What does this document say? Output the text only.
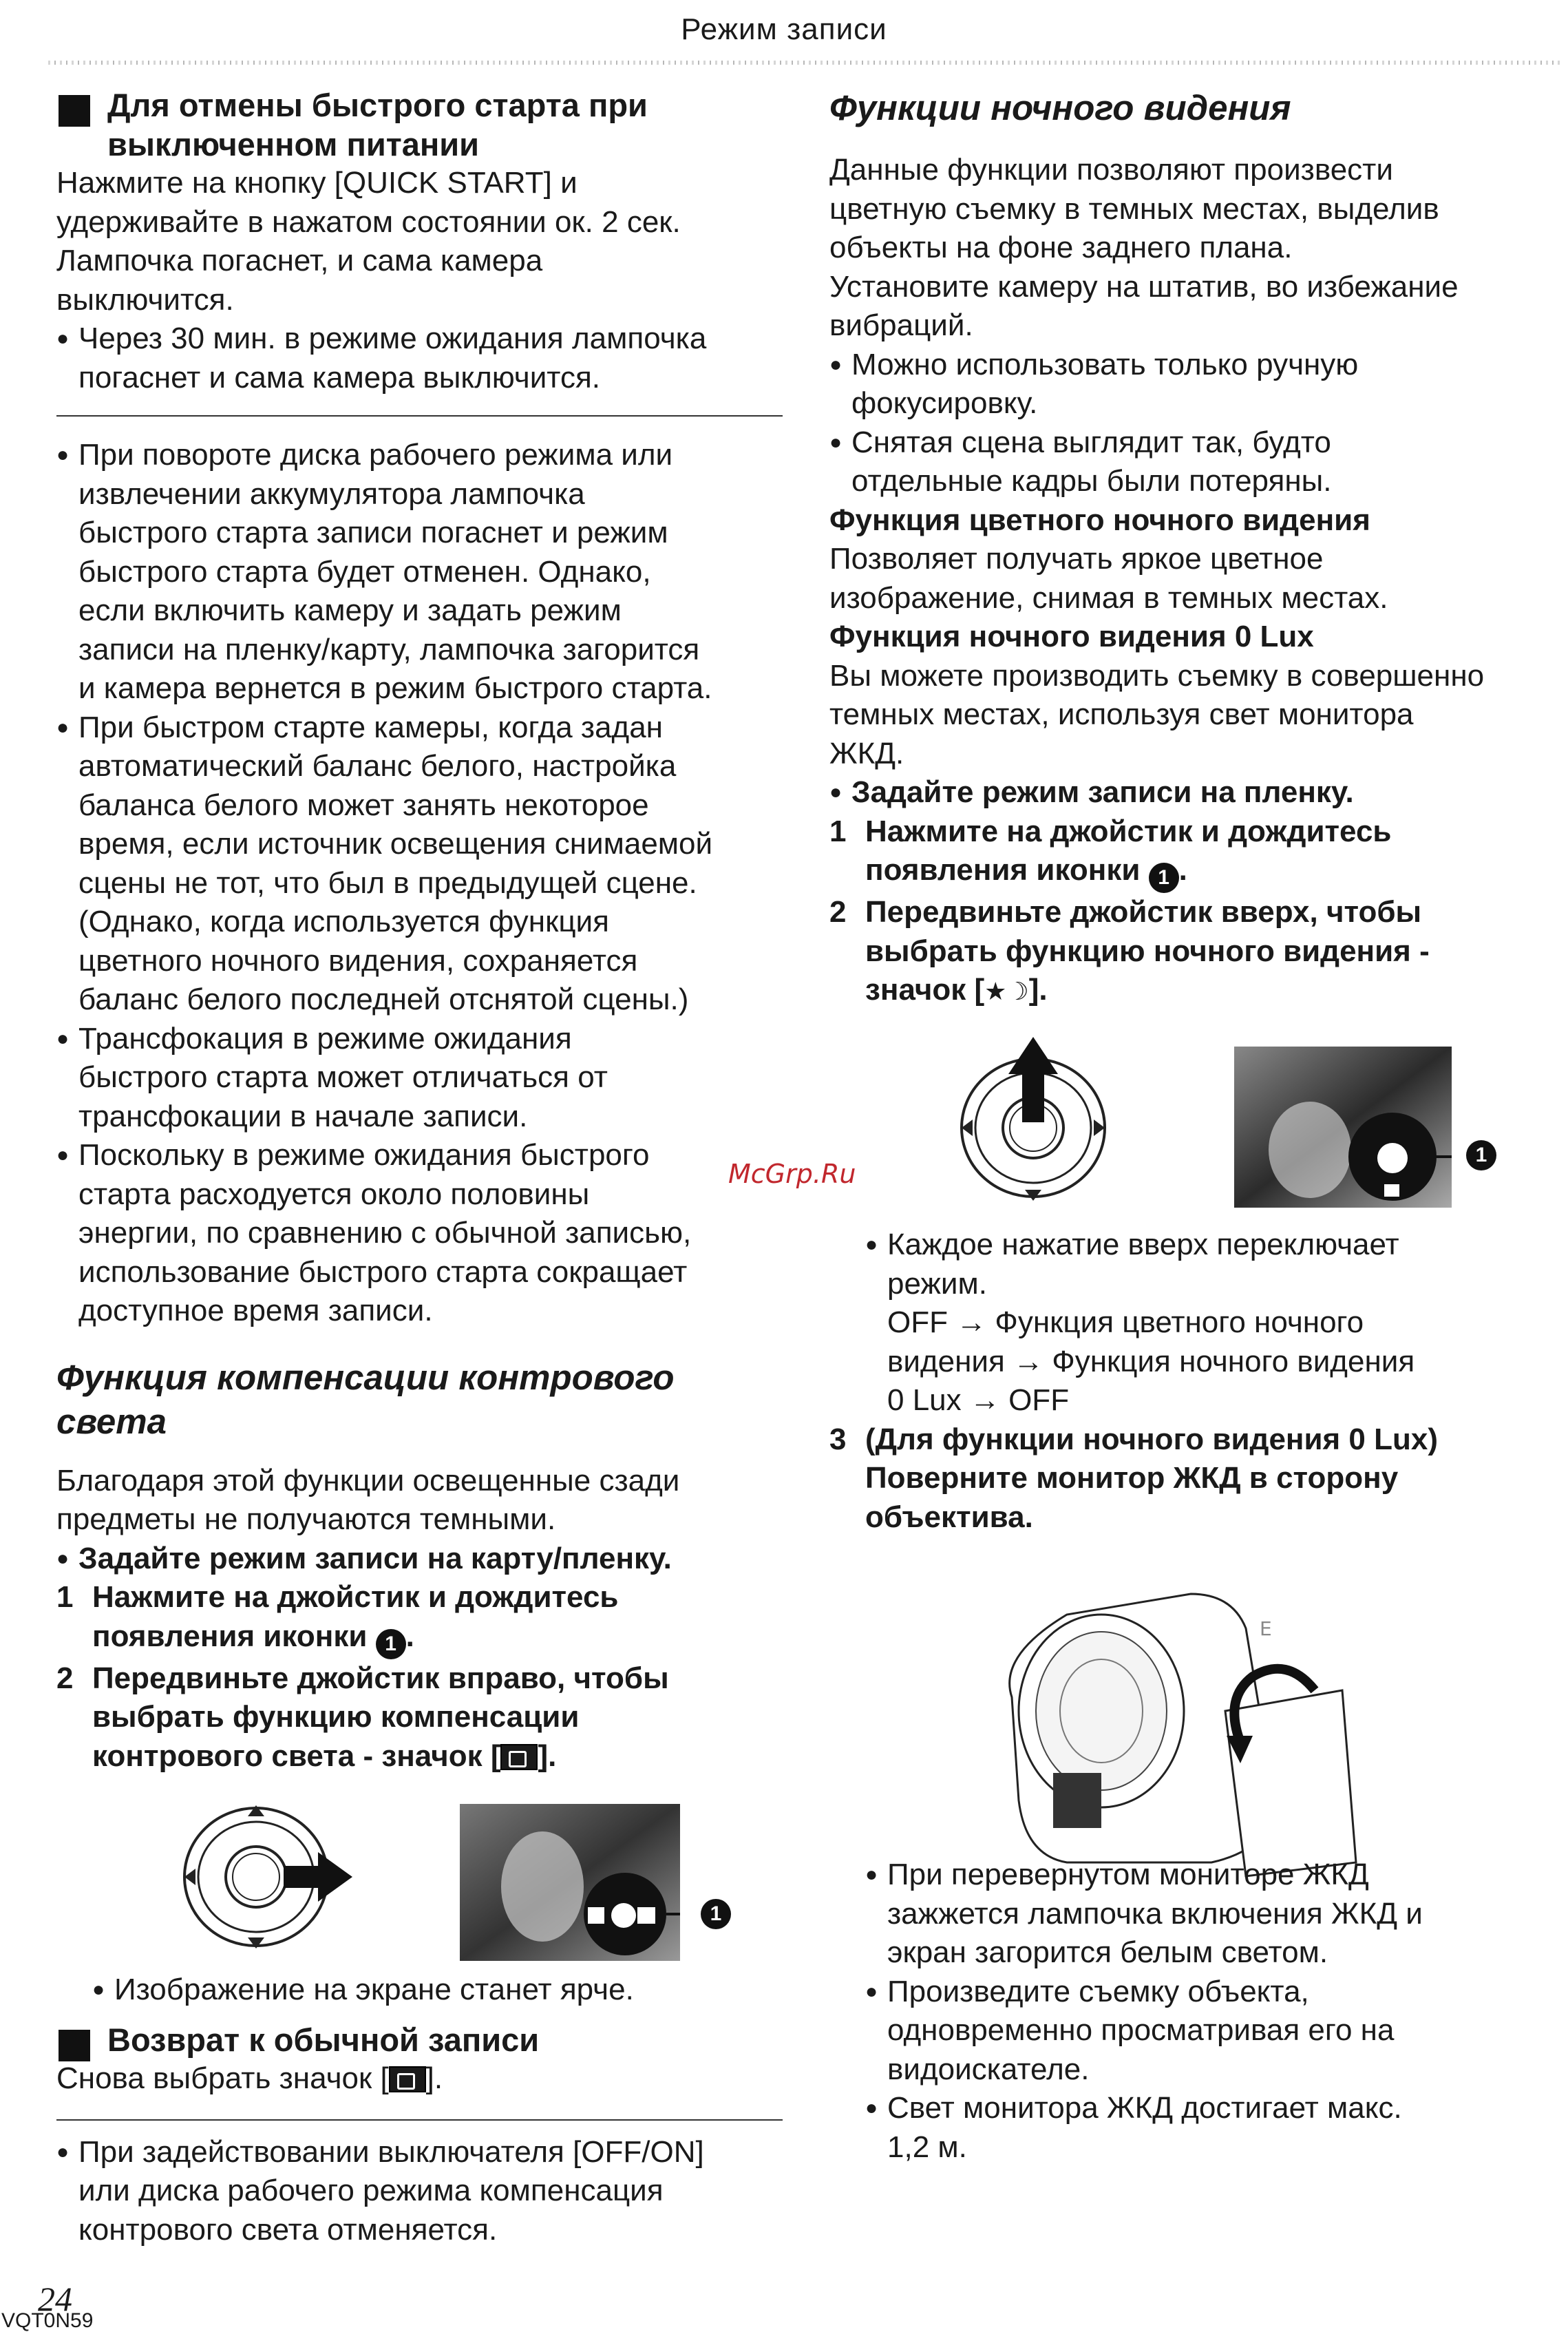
Режим записи
Для отмены быстрого старта при выключенном питании
Нажмите на кнопку [QUICK START] и
удерживайте в нажатом состоянии ок. 2 сек.
Лампочка погаснет, и сама камера
выключится.
● Через 30 мин. в режиме ожидания лампочка
погаснет и сама камера выключится.
● При повороте диска рабочего режима или
извлечении аккумулятора лампочка
быстрого старта записи погаснет и режим
быстрого старта будет отменен. Однако,
если включить камеру и задать режим
записи на пленку/карту, лампочка загорится
и камера вернется в режим быстрого старта.
● При быстром старте камеры, когда задан
автоматический баланс белого, настройка
баланса белого может занять некоторое
время, если источник освещения снимаемой
сцены не тот, что был в предыдущей сцене.
(Однако, когда используется функция
цветного ночного видения, сохраняется
баланс белого последней отснятой сцены.)
● Трансфокация в режиме ожидания
быстрого старта может отличаться от
трансфокации в начале записи.
● Поскольку в режиме ожидания быстрого
старта расходуется около половины
энергии, по сравнению с обычной записью,
использование быстрого старта сокращает
доступное время записи.
Функция компенсации контрового
света
Благодаря этой функции освещенные сзади
предметы не получаются темными.
● Задайте режим записи на карту/пленку.
1 Нажмите на джойстик и дождитесь
появления иконки 1 .
2 Передвиньте джойстик вправо, чтобы
выбрать функцию компенсации
контрового света - значок [ ].
1
● Изображение на экране станет ярче.
Возврат к обычной записи
Снова выбрать значок [ ].
● При задействовании выключателя [OFF/ON]
или диска рабочего режима компенсация
контрового света отменяется.
Функции ночного видения
Данные функции позволяют произвести
цветную съемку в темных местах, выделив
объекты на фоне заднего плана.
Установите камеру на штатив, во избежание
вибраций.
● Можно использовать только ручную
фокусировку.
● Снятая сцена выглядит так, будто
отдельные кадры были потеряны.
Функция цветного ночного видения
Позволяет получать яркое цветное
изображение, снимая в темных местах.
Функция ночного видения 0 Lux
Вы можете производить съемку в совершенно
темных местах, используя свет монитора
ЖКД.
● Задайте режим записи на пленку.
1 Нажмите на джойстик и дождитесь
появления иконки 1 .
2 Передвиньте джойстик вверх, чтобы
выбрать функцию ночного видения -
значок [★☽].
1
McGrp.Ru
● Каждое нажатие вверх переключает
режим.
OFF → Функция цветного ночного
видения → Функция ночного видения
0 Lux → OFF
3 (Для функции ночного видения 0 Lux)
Поверните монитор ЖКД в сторону
объектива.
E
● При перевернутом мониторе ЖКД
зажжется лампочка включения ЖКД и
экран загорится белым светом.
● Произведите съемку объекта,
одновременно просматривая его на
видоискателе.
● Свет монитора ЖКД достигает макс.
1,2 м.
24
VQT0N59
